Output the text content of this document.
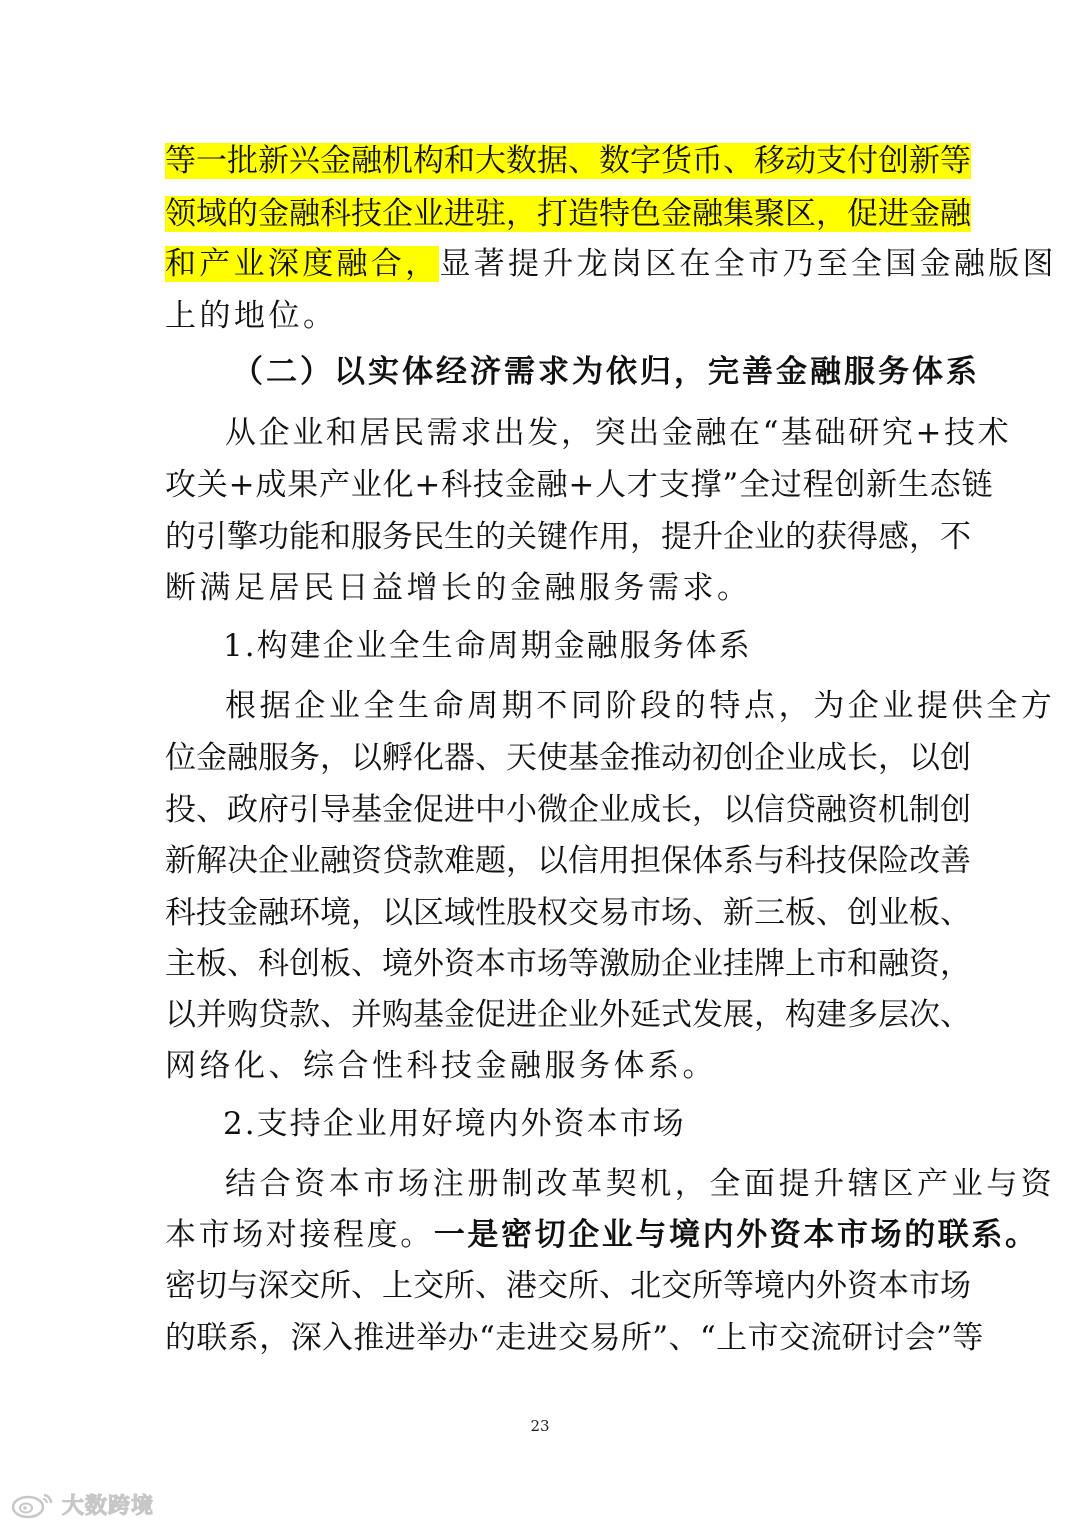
等一批新兴金融机构和大数据、数字货币、移动支付创新等
领域的金融科技企业进驻，打造特色金融集聚区，促进金融
和产业深度融合，显著提升龙岗区在全市乃至全国金融版图
上的地位。
（二）以实体经济需求为依归，完善金融服务体系
从企业和居民需求出发，突出金融在“基础研究+技术
攻关+成果产业化+科技金融+人才支撑”全过程创新生态链
的引擎功能和服务民生的关键作用，提升企业的获得感，不
断满足居民日益增长的金融服务需求。
1.构建企业全生命周期金融服务体系
根据企业全生命周期不同阶段的特点，为企业提供全方
位金融服务，以孵化器、天使基金推动初创企业成长，以创
投、政府引导基金促进中小微企业成长，以信贷融资机制创
新解决企业融资贷款难题，以信用担保体系与科技保险改善
科技金融环境，以区域性股权交易市场、新三板、创业板、
主板、科创板、境外资本市场等激励企业挂牌上市和融资，
以并购贷款、并购基金促进企业外延式发展，构建多层次、
网络化、综合性科技金融服务体系。
2.支持企业用好境内外资本市场
结合资本市场注册制改革契机，全面提升辖区产业与资
本市场对接程度。一是密切企业与境内外资本市场的联系。
密切与深交所、上交所、港交所、北交所等境内外资本市场
的联系，深入推进举办“走进交易所”、“上市交流研讨会”等
23
大数跨境
